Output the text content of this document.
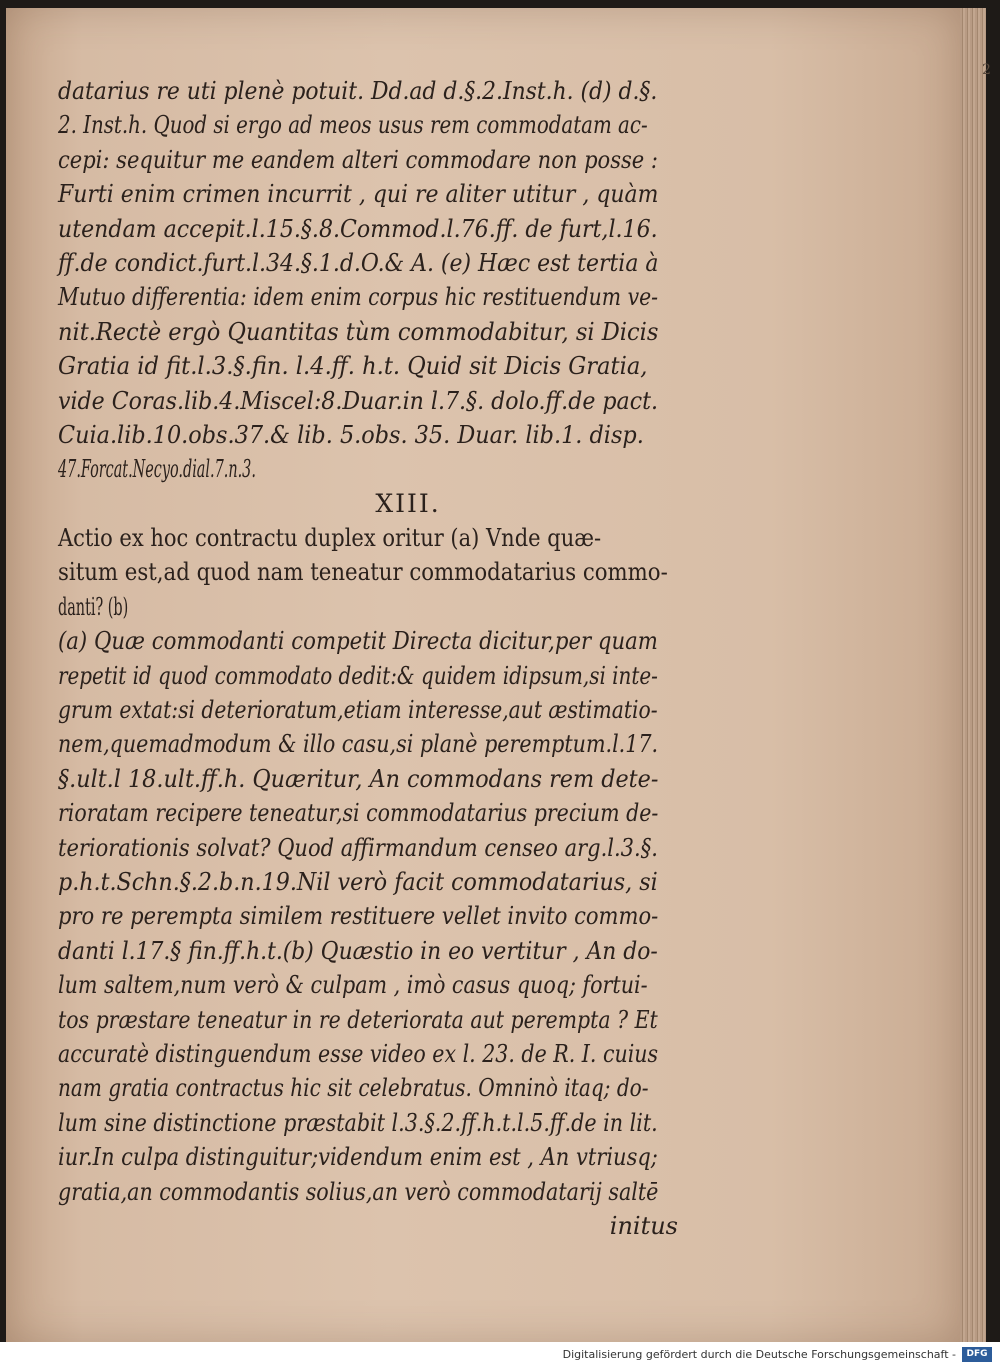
2
datarius re uti plenè potuit. Dd.ad d.§.2.Inst.h. (d) d.§.
2. Inst.h. Quod si ergo ad meos usus rem commodatam ac-
cepi: sequitur me eandem alteri commodare non posse :
Furti enim crimen incurrit , qui re aliter utitur , quàm
utendam accepit.l.15.§.8.Commod.l.76.ff. de furt,l.16.
ff.de condict.furt.l.34.§.1.d.O.& A. (e) Hæc est tertia à
Mutuo differentia: idem enim corpus hic restituendum ve-
nit.Rectè ergò Quantitas tùm commodabitur, si Dicis
Gratia id fit.l.3.§.fin. l.4.ff. h.t. Quid sit Dicis Gratia,
vide Coras.lib.4.Miscel:8.Duar.in l.7.§. dolo.ff.de pact.
Cuia.lib.10.obs.37.& lib. 5.obs. 35. Duar. lib.1. disp.
47.Forcat.Necyo.dial.7.n.3.
XIII.
Actio ex hoc contractu duplex oritur (a) Vnde quæ-
situm est,ad quod nam teneatur commodatarius commo-
danti? (b)
(a) Quæ commodanti competit Directa dicitur,per quam
repetit id quod commodato dedit:& quidem idipsum,si inte-
grum extat:si deterioratum,etiam interesse,aut æstimatio-
nem,quemadmodum & illo casu,si planè peremptum.l.17.
§.ult.l 18.ult.ff.h. Quæritur, An commodans rem dete-
rioratam recipere teneatur,si commodatarius precium de-
teriorationis solvat? Quod affirmandum censeo arg.l.3.§.
p.h.t.Schn.§.2.b.n.19.Nil verò facit commodatarius, si
pro re perempta similem restituere vellet invito commo-
danti l.17.§ fin.ff.h.t.(b) Quæstio in eo vertitur , An do-
lum saltem,num verò & culpam , imò casus quoq; fortui-
tos præstare teneatur in re deteriorata aut perempta ? Et
accuratè distinguendum esse video ex l. 23. de R. I. cuius
nam gratia contractus hic sit celebratus. Omninò itaq; do-
lum sine distinctione præstabit l.3.§.2.ff.h.t.l.5.ff.de in lit.
iur.In culpa distinguitur;videndum enim est , An vtriusq;
gratia,an commodantis solius,an verò commodatarij saltē
initus
Digitalisierung gefördert durch die Deutsche Forschungsgemeinschaft -	DFG
